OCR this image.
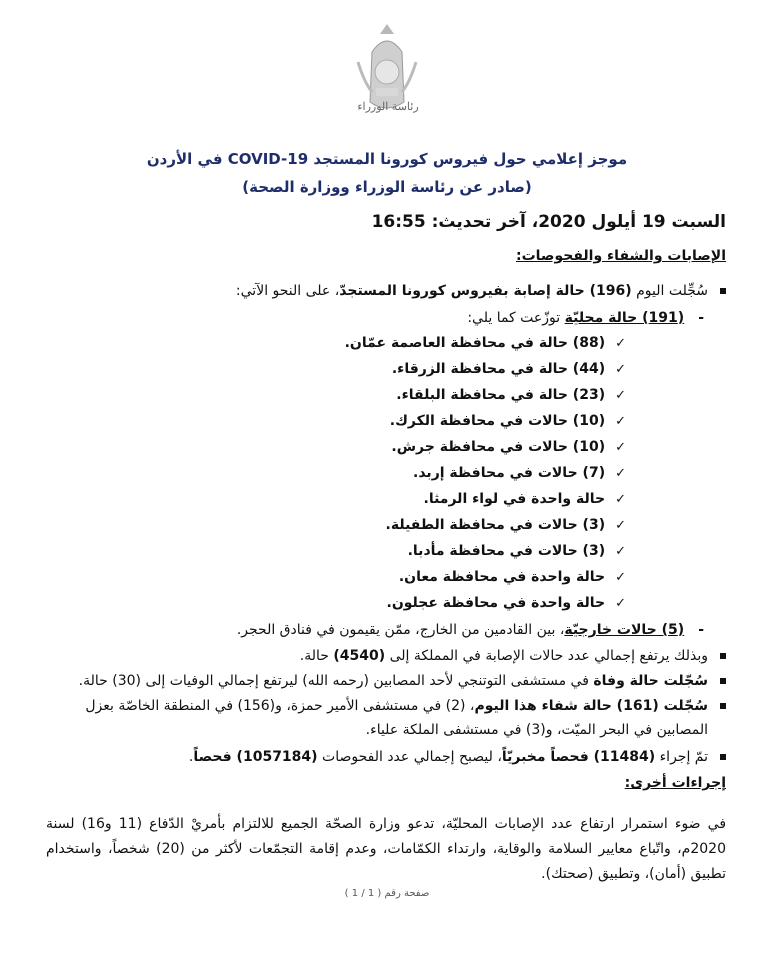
رئاسة الوزراء
موجز إعلامي حول فيروس كورونا المستجد COVID-19 في الأردن
(صادر عن رئاسة الوزراء ووزارة الصحة)
السبت 19 أيلول 2020، آخر تحديث: 16:55
الإصابات والشفاء والفحوصات:
سُجِّلت اليوم (196) حالة إصابة بفيروس كورونا المستجدّ، على النحو الآتي:
-(191) حالة محليّة توزّعت كما يلي:
✓(88) حالة في محافظة العاصمة عمّان.
✓(44) حالة في محافظة الزرقاء.
✓(23) حالة في محافظة البلقاء.
✓(10) حالات في محافظة الكرك.
✓(10) حالات في محافظة جرش.
✓(7) حالات في محافظة إربد.
✓حالة واحدة في لواء الرمثا.
✓(3) حالات في محافظة الطفيلة.
✓(3) حالات في محافظة مأدبا.
✓حالة واحدة في محافظة معان.
✓حالة واحدة في محافظة عجلون.
-(5) حالات خارجيّة، بين القادمين من الخارج، ممّن يقيمون في فنادق الحجر.
وبذلك يرتفع إجمالي عدد حالات الإصابة في المملكة إلى (4540) حالة.
سُجّلت حالة وفاة في مستشفى التوتنجي لأحد المصابين (رحمه الله) ليرتفع إجمالي الوفيات إلى (30) حالة.
سُجّلت (161) حالة شفاء هذا اليوم، (2) في مستشفى الأمير حمزة، و(156) في المنطقة الخاصّة بعزل
المصابين في البحر الميّت، و(3) في مستشفى الملكة علياء.
تمّ إجراء (11484) فحصاً مخبريّاً، ليصبح إجمالي عدد الفحوصات (1057184) فحصاً.
إجراءات أخرى:
في ضوء استمرار ارتفاع عدد الإصابات المحليّة، تدعو وزارة الصحّة الجميع للالتزام بأمريْ الدّفاع (11 و16) لسنة 2020م، واتّباع معايير السلامة والوقاية، وارتداء الكمّامات، وعدم إقامة التجمّعات لأكثر من (20) شخصاً، واستخدام تطبيق (أمان)، وتطبيق (صحتك).
صفحة رقم ( 1 / 1 )
